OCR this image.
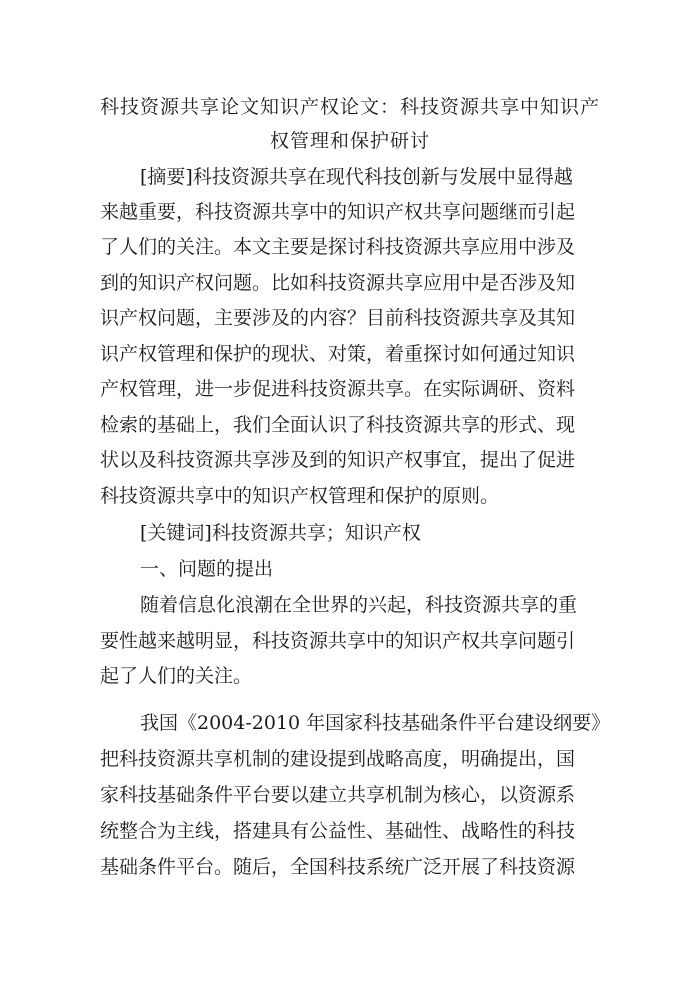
科技资源共享论文知识产权论文：科技资源共享中知识产
权管理和保护研讨
[摘要]科技资源共享在现代科技创新与发展中显得越
来越重要，科技资源共享中的知识产权共享问题继而引起
了人们的关注。本文主要是探讨科技资源共享应用中涉及
到的知识产权问题。比如科技资源共享应用中是否涉及知
识产权问题，主要涉及的内容？目前科技资源共享及其知
识产权管理和保护的现状、对策，着重探讨如何通过知识
产权管理，进一步促进科技资源共享。在实际调研、资料
检索的基础上，我们全面认识了科技资源共享的形式、现
状以及科技资源共享涉及到的知识产权事宜，提出了促进
科技资源共享中的知识产权管理和保护的原则。
[关键词]科技资源共享；知识产权
一、问题的提出
随着信息化浪潮在全世界的兴起，科技资源共享的重
要性越来越明显，科技资源共享中的知识产权共享问题引
起了人们的关注。
我国《2004-2010 年国家科技基础条件平台建设纲要》
把科技资源共享机制的建设提到战略高度，明确提出，国
家科技基础条件平台要以建立共享机制为核心，以资源系
统整合为主线，搭建具有公益性、基础性、战略性的科技
基础条件平台。随后，全国科技系统广泛开展了科技资源
